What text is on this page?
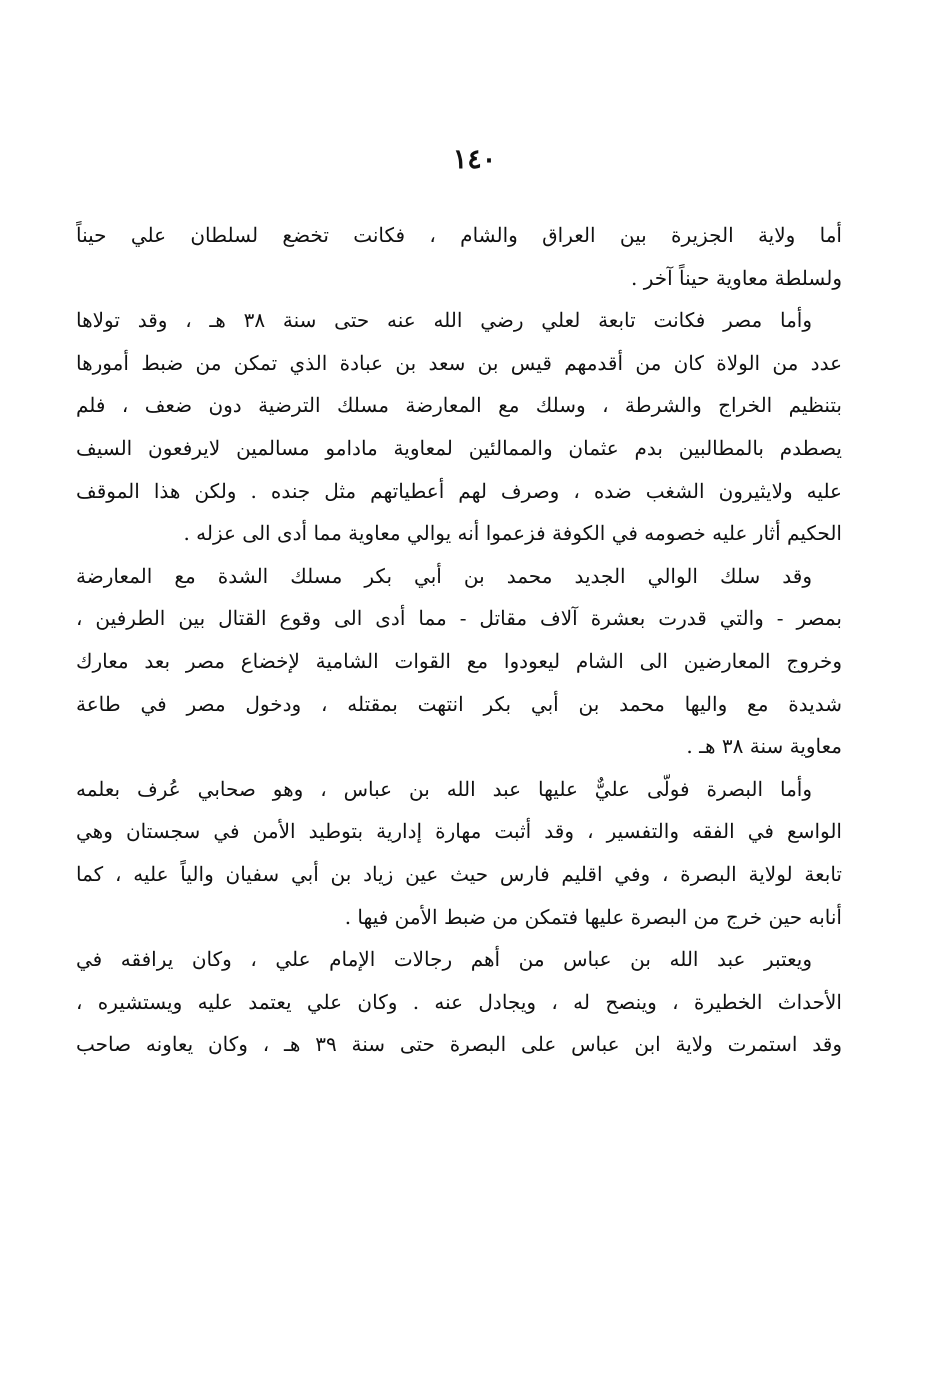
١٤٠
أما ولاية الجزيرة بين العراق والشام ، فكانت تخضع لسلطان علي حيناً
ولسلطة معاوية حيناً آخر .
وأما مصر فكانت تابعة لعلي رضي الله عنه حتى سنة ٣٨ هـ ، وقد تولاها
عدد من الولاة كان من أقدمهم قيس بن سعد بن عبادة الذي تمكن من ضبط أمورها
بتنظيم الخراج والشرطة ، وسلك مع المعارضة مسلك الترضية دون ضعف ، فلم
يصطدم بالمطالبين بدم عثمان والممالئين لمعاوية مادامو مسالمين لايرفعون السيف
عليه ولايثيرون الشغب ضده ، وصرف لهم أعطياتهم مثل جنده . ولكن هذا الموقف
الحكيم أثار عليه خصومه في الكوفة فزعموا أنه يوالي معاوية مما أدى الى عزله .
وقد سلك الوالي الجديد محمد بن أبي بكر مسلك الشدة مع المعارضة
بمصر - والتي قدرت بعشرة آلاف مقاتل - مما أدى الى وقوع القتال بين الطرفين ،
وخروج المعارضين الى الشام ليعودوا مع القوات الشامية لإخضاع مصر بعد معارك
شديدة مع واليها محمد بن أبي بكر انتهت بمقتله ، ودخول مصر في طاعة
معاوية سنة ٣٨ هـ .
وأما البصرة فولّى عليٌّ عليها عبد الله بن عباس ، وهو صحابي عُرف بعلمه
الواسع في الفقه والتفسير ، وقد أثبت مهارة إدارية بتوطيد الأمن في سجستان وهي
تابعة لولاية البصرة ، وفي اقليم فارس حيث عين زياد بن أبي سفيان والياً عليه ، كما
أنابه حين خرج من البصرة عليها فتمكن من ضبط الأمن فيها .
ويعتبر عبد الله بن عباس من أهم رجالات الإمام علي ، وكان يرافقه في
الأحداث الخطيرة ، وينصح له ، ويجادل عنه . وكان علي يعتمد عليه ويستشيره ،
وقد استمرت ولاية ابن عباس على البصرة حتى سنة ٣٩ هـ ، وكان يعاونه صاحب
